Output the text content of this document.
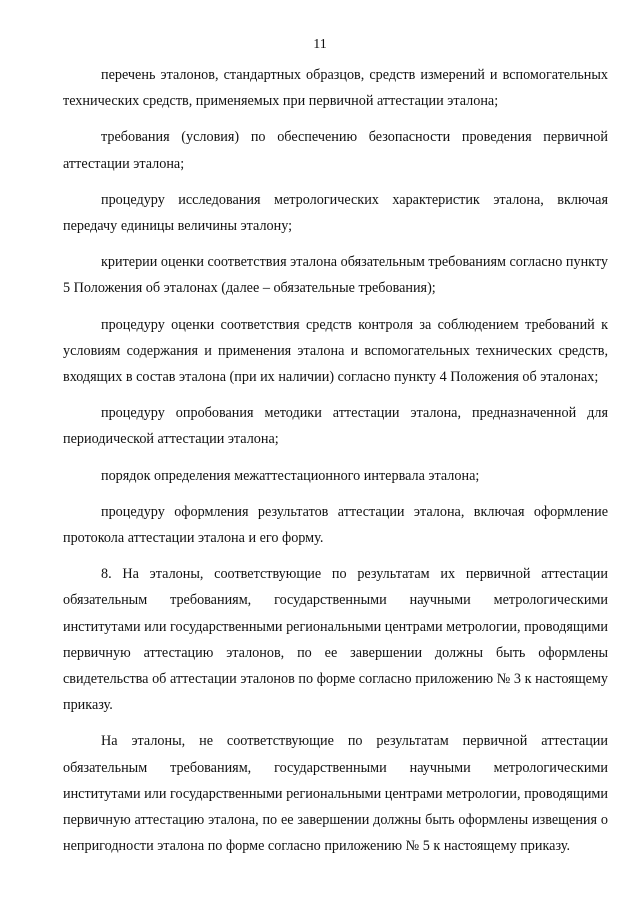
11

перечень эталонов, стандартных образцов, средств измерений и вспомогательных технических средств, применяемых при первичной аттестации эталона;

требования (условия) по обеспечению безопасности проведения первичной аттестации эталона;

процедуру исследования метрологических характеристик эталона, включая передачу единицы величины эталону;

критерии оценки соответствия эталона обязательным требованиям согласно пункту 5 Положения об эталонах (далее – обязательные требования);

процедуру оценки соответствия средств контроля за соблюдением требований к условиям содержания и применения эталона и вспомогательных технических средств, входящих в состав эталона (при их наличии) согласно пункту 4 Положения об эталонах;

процедуру опробования методики аттестации эталона, предназначенной для периодической аттестации эталона;

порядок определения межаттестационного интервала эталона;

процедуру оформления результатов аттестации эталона, включая оформление протокола аттестации эталона и его форму.

8. На эталоны, соответствующие по результатам их первичной аттестации обязательным требованиям, государственными научными метрологическими институтами или государственными региональными центрами метрологии, проводящими первичную аттестацию эталонов, по ее завершении должны быть оформлены свидетельства об аттестации эталонов по форме согласно приложению № 3 к настоящему приказу.

На эталоны, не соответствующие по результатам первичной аттестации обязательным требованиям, государственными научными метрологическими институтами или государственными региональными центрами метрологии, проводящими первичную аттестацию эталона, по ее завершении должны быть оформлены извещения о непригодности эталона по форме согласно приложению № 5 к настоящему приказу.
